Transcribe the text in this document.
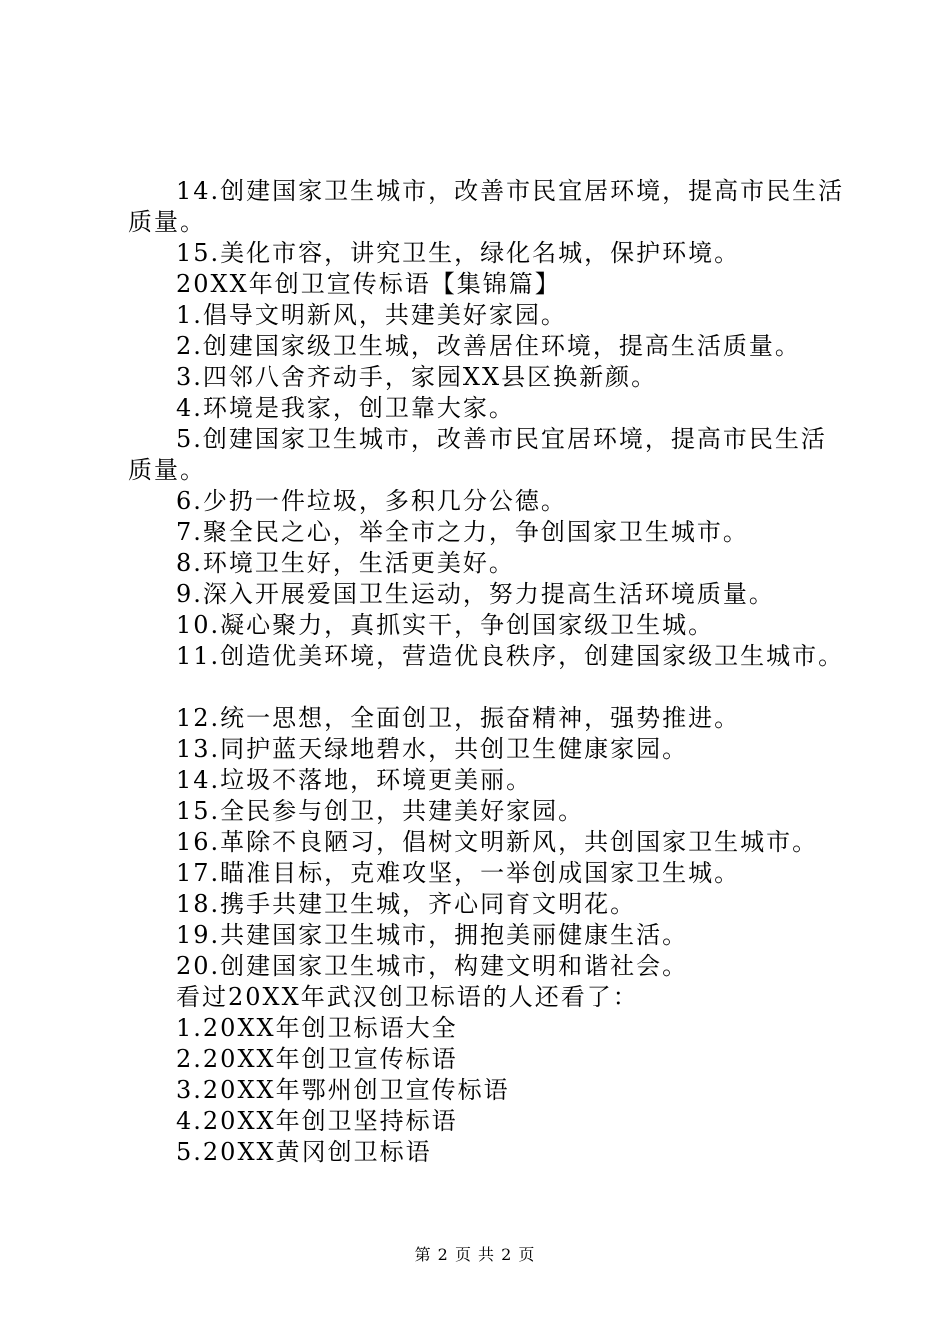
14.创建国家卫生城市，改善市民宜居环境，提高市民生活
质量。
15.美化市容，讲究卫生，绿化名城，保护环境。
20XX年创卫宣传标语【集锦篇】
1.倡导文明新风，共建美好家园。
2.创建国家级卫生城，改善居住环境，提高生活质量。
3.四邻八舍齐动手，家园XX县区换新颜。
4.环境是我家，创卫靠大家。
5.创建国家卫生城市，改善市民宜居环境，提高市民生活
质量。
6.少扔一件垃圾，多积几分公德。
7.聚全民之心，举全市之力，争创国家卫生城市。
8.环境卫生好，生活更美好。
9.深入开展爱国卫生运动，努力提高生活环境质量。
10.凝心聚力，真抓实干，争创国家级卫生城。
11.创造优美环境，营造优良秩序，创建国家级卫生城市。
12.统一思想，全面创卫，振奋精神，强势推进。
13.同护蓝天绿地碧水，共创卫生健康家园。
14.垃圾不落地，环境更美丽。
15.全民参与创卫，共建美好家园。
16.革除不良陋习，倡树文明新风，共创国家卫生城市。
17.瞄准目标，克难攻坚，一举创成国家卫生城。
18.携手共建卫生城，齐心同育文明花。
19.共建国家卫生城市，拥抱美丽健康生活。
20.创建国家卫生城市，构建文明和谐社会。
看过20XX年武汉创卫标语的人还看了：
1.20XX年创卫标语大全
2.20XX年创卫宣传标语
3.20XX年鄂州创卫宣传标语
4.20XX年创卫坚持标语
5.20XX黄冈创卫标语
第 2 页 共 2 页
